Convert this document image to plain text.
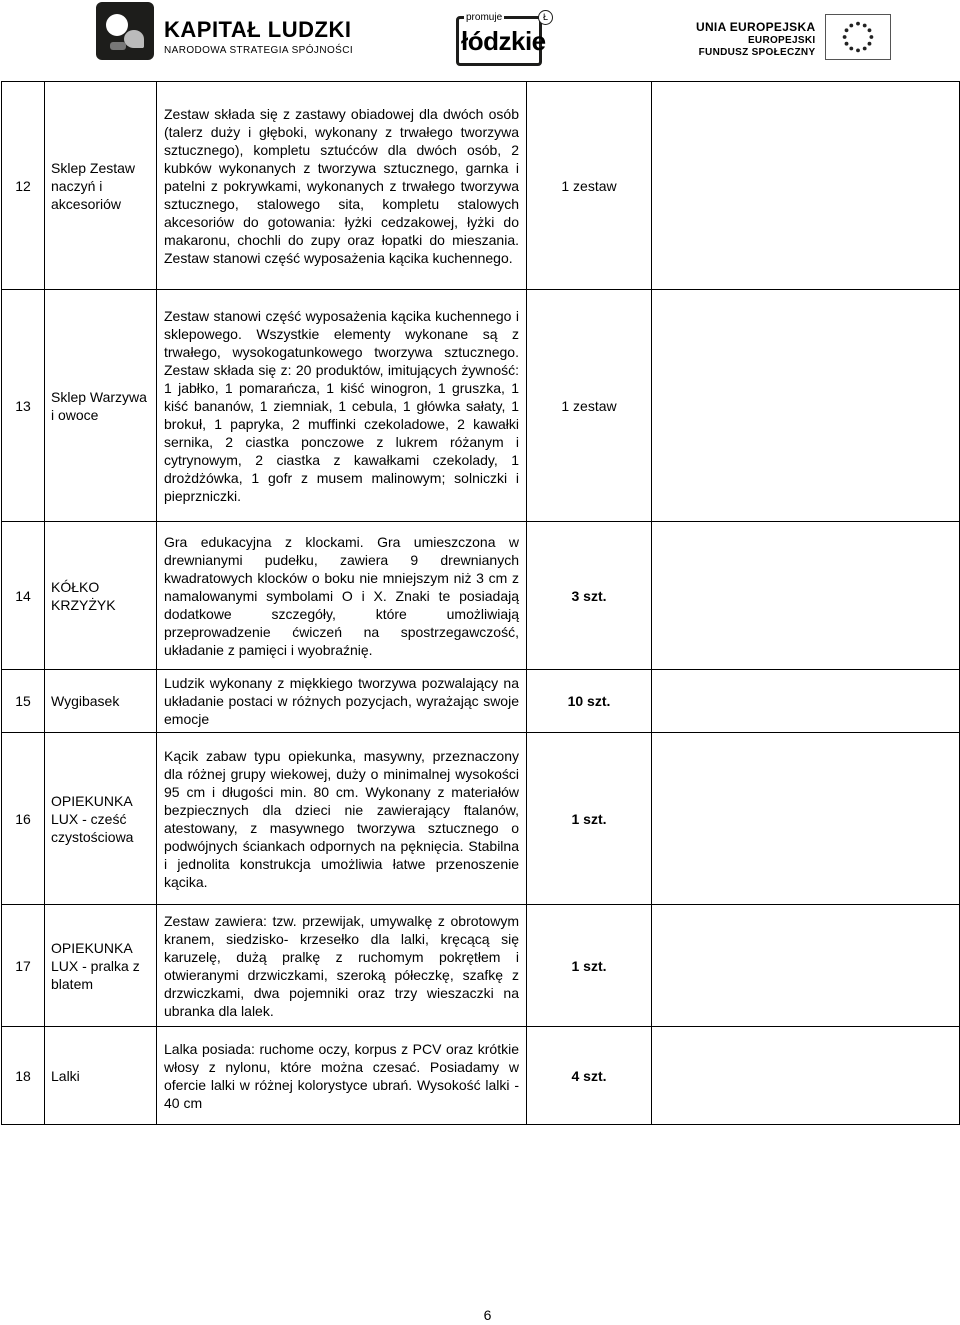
KAPITAŁ LUDZKI
NARODOWA STRATEGIA SPÓJNOŚCI
promuje
łódzkie
Ł
UNIA EUROPEJSKA
EUROPEJSKI
FUNDUSZ SPOŁECZNY
12	Sklep Zestaw naczyń i akcesoriów	Zestaw składa się z zastawy obiadowej dla dwóch osób (talerz duży i głęboki, wykonany z trwałego tworzywa sztucznego), kompletu sztućców dla dwóch osób, 2 kubków wykonanych z tworzywa sztucznego, garnka i patelni z pokrywkami, wykonanych z trwałego tworzywa sztucznego, stalowego sita, kompletu stalowych akcesoriów do gotowania: łyżki cedzakowej, łyżki do makaronu, chochli do zupy oraz łopatki do mieszania. Zestaw stanowi część wyposażenia kącika kuchennego.	1 zestaw	
13	Sklep Warzywa i owoce	Zestaw stanowi część wyposażenia kącika kuchennego i sklepowego. Wszystkie elementy wykonane są z trwałego, wysokogatunkowego tworzywa sztucznego. Zestaw składa się z: 20 produktów, imitujących żywność: 1 jabłko, 1 pomarańcza, 1 kiść winogron, 1 gruszka, 1 kiść bananów, 1 ziemniak, 1 cebula, 1 główka sałaty, 1 brokuł, 1 papryka, 2 muffinki czekoladowe, 2 kawałki sernika, 2 ciastka ponczowe z lukrem różanym i cytrynowym, 2 ciastka z kawałkami czekolady, 1 drożdżówka, 1 gofr z musem malinowym; solniczki i pieprzniczki.	1 zestaw	
14	KÓŁKO KRZYŻYK	Gra edukacyjna z klockami. Gra umieszczona w drewnianymi pudełku, zawiera 9 drewnianych kwadratowych klocków o boku nie mniejszym niż 3 cm z namalowanymi symbolami O i X. Znaki te posiadają dodatkowe szczegóły, które umożliwiają przeprowadzenie ćwiczeń na spostrzegawczość, układanie z pamięci i wyobraźnię.	3 szt.	
15	Wygibasek	Ludzik wykonany z miękkiego tworzywa pozwalający na układanie postaci w różnych pozycjach, wyrażając swoje emocje	10 szt.	
16	OPIEKUNKA LUX - cześć czystościowa	Kącik zabaw typu opiekunka, masywny, przeznaczony dla różnej grupy wiekowej, duży o minimalnej wysokości 95 cm i długości min. 80 cm. Wykonany z materiałów bezpiecznych dla dzieci nie zawierający ftalanów, atestowany, z masywnego tworzywa sztucznego o podwójnych ściankach odpornych na pęknięcia. Stabilna i jednolita konstrukcja umożliwia łatwe przenoszenie kącika.	1 szt.	
17	OPIEKUNKA LUX - pralka z blatem	Zestaw zawiera: tzw. przewijak, umywalkę z obrotowym kranem, siedzisko- krzesełko dla lalki, kręcącą się karuzelę, dużą pralkę z ruchomym pokrętłem i otwieranymi drzwiczkami, szeroką półeczkę, szafkę z drzwiczkami, dwa pojemniki oraz trzy wieszaczki na ubranka dla lalek.	1 szt.	
18	Lalki	Lalka posiada: ruchome oczy, korpus z PCV oraz krótkie włosy z nylonu, które można czesać. Posiadamy w ofercie lalki w różnej kolorystyce ubrań. Wysokość lalki - 40 cm	4 szt.	
6
